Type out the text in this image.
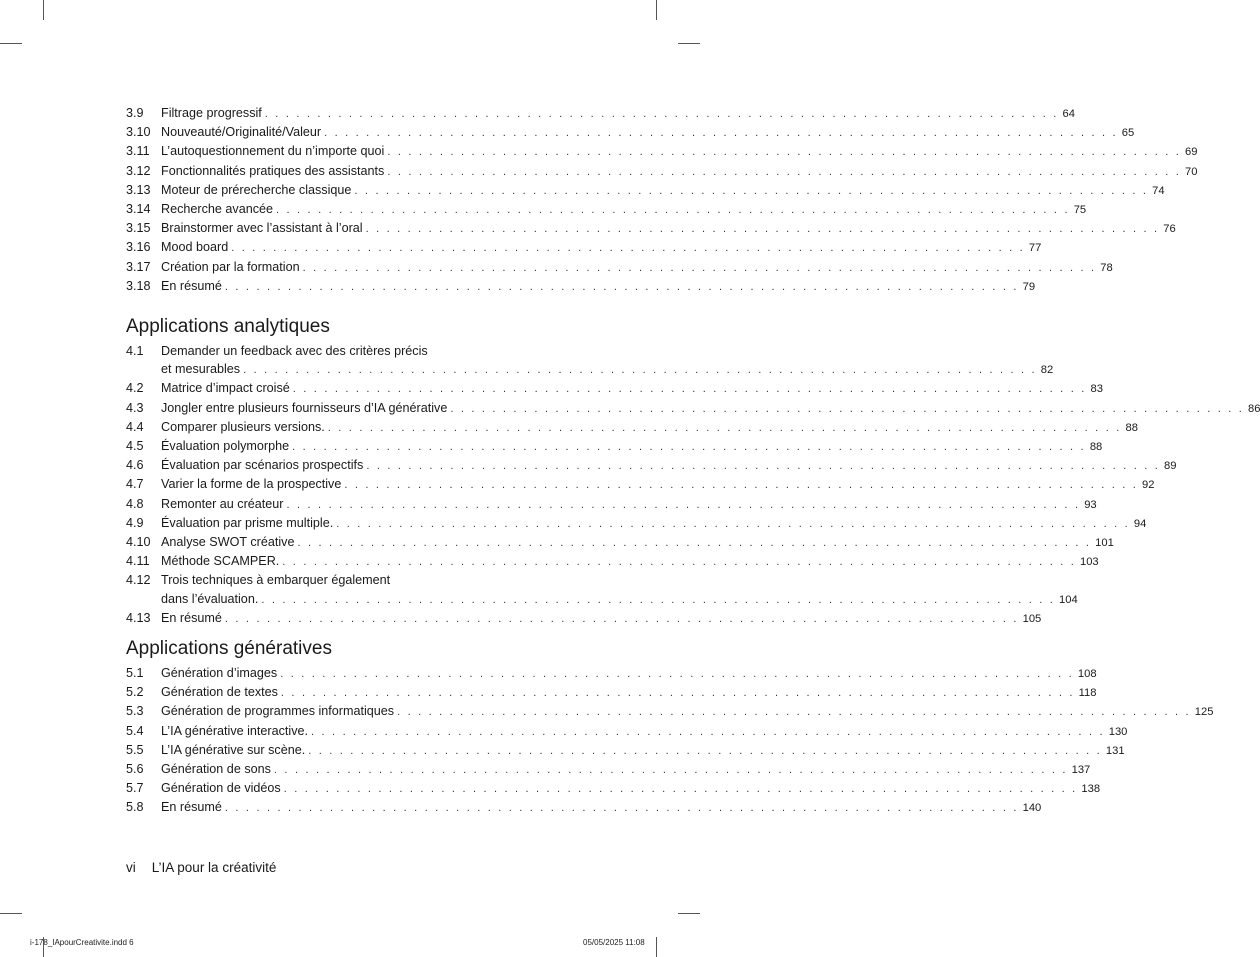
3.9	Filtrage progressif . . . . . . . . . . . . . . . . . . . . . . . . . . . . . . . . . . . . . . . . . . . . . . . . . . . . . . . . . . . . . . . . . . . . . . . . . . . . 64
3.10 Nouveauté/Originalité/Valeur . . . . . . . . . . . . . . . . . . . . . . . . . . . . . . . . . . . . . . . . . . . . . . . . . . . . . . . . . . . . . . . . . . . . . . . . . . . . 65
3.11 L’autoquestionnement du n’importe quoi . . . . . . . . . . . . . . . . . . . . . . . . . . . . . . . . . . . . . . . . . . . . . . . . . . . . . . . . . . . . . . . . . . . . . . . . . . . . 69
3.12 Fonctionnalités pratiques des assistants . . . . . . . . . . . . . . . . . . . . . . . . . . . . . . . . . . . . . . . . . . . . . . . . . . . . . . . . . . . . . . . . . . . . . . . . . . . . 70
3.13 Moteur de prérecherche classique . . . . . . . . . . . . . . . . . . . . . . . . . . . . . . . . . . . . . . . . . . . . . . . . . . . . . . . . . . . . . . . . . . . . . . . . . . . . 74
3.14 Recherche avancée . . . . . . . . . . . . . . . . . . . . . . . . . . . . . . . . . . . . . . . . . . . . . . . . . . . . . . . . . . . . . . . . . . . . . . . . . . . . 75
3.15 Brainstormer avec l’assistant à l’oral . . . . . . . . . . . . . . . . . . . . . . . . . . . . . . . . . . . . . . . . . . . . . . . . . . . . . . . . . . . . . . . . . . . . . . . . . . . . 76
3.16 Mood board . . . . . . . . . . . . . . . . . . . . . . . . . . . . . . . . . . . . . . . . . . . . . . . . . . . . . . . . . . . . . . . . . . . . . . . . . . . . 77
3.17 Création par la formation . . . . . . . . . . . . . . . . . . . . . . . . . . . . . . . . . . . . . . . . . . . . . . . . . . . . . . . . . . . . . . . . . . . . . . . . . . . . 78
3.18 En résumé . . . . . . . . . . . . . . . . . . . . . . . . . . . . . . . . . . . . . . . . . . . . . . . . . . . . . . . . . . . . . . . . . . . . . . . . . . . . 79
Applications analytiques
4.1	Demander un feedback avec des critères précis
et mesurables . . . . . . . . . . . . . . . . . . . . . . . . . . . . . . . . . . . . . . . . . . . . . . . . . . . . . . . . . . . . . . . . . . . . . . . . . . . . 82
4.2	Matrice d’impact croisé . . . . . . . . . . . . . . . . . . . . . . . . . . . . . . . . . . . . . . . . . . . . . . . . . . . . . . . . . . . . . . . . . . . . . . . . . . . . 83
4.3	Jongler entre plusieurs fournisseurs d’IA générative . . . . . . . . . . . . . . . . . . . . . . . . . . . . . . . . . . . . . . . . . . . . . . . . . . . . . . . . . . . . . . . . . . . . . . . . . . . . 86
4.4	Comparer plusieurs versions. . . . . . . . . . . . . . . . . . . . . . . . . . . . . . . . . . . . . . . . . . . . . . . . . . . . . . . . . . . . . . . . . . . . . . . . . . . . . 88
4.5	Évaluation polymorphe . . . . . . . . . . . . . . . . . . . . . . . . . . . . . . . . . . . . . . . . . . . . . . . . . . . . . . . . . . . . . . . . . . . . . . . . . . . . 88
4.6	Évaluation par scénarios prospectifs . . . . . . . . . . . . . . . . . . . . . . . . . . . . . . . . . . . . . . . . . . . . . . . . . . . . . . . . . . . . . . . . . . . . . . . . . . . . 89
4.7	Varier la forme de la prospective . . . . . . . . . . . . . . . . . . . . . . . . . . . . . . . . . . . . . . . . . . . . . . . . . . . . . . . . . . . . . . . . . . . . . . . . . . . . 92
4.8	Remonter au créateur . . . . . . . . . . . . . . . . . . . . . . . . . . . . . . . . . . . . . . . . . . . . . . . . . . . . . . . . . . . . . . . . . . . . . . . . . . . . 93
4.9	Évaluation par prisme multiple. . . . . . . . . . . . . . . . . . . . . . . . . . . . . . . . . . . . . . . . . . . . . . . . . . . . . . . . . . . . . . . . . . . . . . . . . . . . . 94
4.10 Analyse SWOT créative . . . . . . . . . . . . . . . . . . . . . . . . . . . . . . . . . . . . . . . . . . . . . . . . . . . . . . . . . . . . . . . . . . . . . . . . . . . . 101
4.11 Méthode SCAMPER. . . . . . . . . . . . . . . . . . . . . . . . . . . . . . . . . . . . . . . . . . . . . . . . . . . . . . . . . . . . . . . . . . . . . . . . . . . . . 103
4.12 Trois techniques à embarquer également
dans l’évaluation. . . . . . . . . . . . . . . . . . . . . . . . . . . . . . . . . . . . . . . . . . . . . . . . . . . . . . . . . . . . . . . . . . . . . . . . . . . . . 104
4.13 En résumé . . . . . . . . . . . . . . . . . . . . . . . . . . . . . . . . . . . . . . . . . . . . . . . . . . . . . . . . . . . . . . . . . . . . . . . . . . . . 105
Applications génératives
5.1	Génération d’images . . . . . . . . . . . . . . . . . . . . . . . . . . . . . . . . . . . . . . . . . . . . . . . . . . . . . . . . . . . . . . . . . . . . . . . . . . . . 108
5.2	Génération de textes . . . . . . . . . . . . . . . . . . . . . . . . . . . . . . . . . . . . . . . . . . . . . . . . . . . . . . . . . . . . . . . . . . . . . . . . . . . . 118
5.3	Génération de programmes informatiques . . . . . . . . . . . . . . . . . . . . . . . . . . . . . . . . . . . . . . . . . . . . . . . . . . . . . . . . . . . . . . . . . . . . . . . . . . . . 125
5.4	L’IA générative interactive. . . . . . . . . . . . . . . . . . . . . . . . . . . . . . . . . . . . . . . . . . . . . . . . . . . . . . . . . . . . . . . . . . . . . . . . . . . . . 130
5.5	L’IA générative sur scène. . . . . . . . . . . . . . . . . . . . . . . . . . . . . . . . . . . . . . . . . . . . . . . . . . . . . . . . . . . . . . . . . . . . . . . . . . . . . 131
5.6	Génération de sons . . . . . . . . . . . . . . . . . . . . . . . . . . . . . . . . . . . . . . . . . . . . . . . . . . . . . . . . . . . . . . . . . . . . . . . . . . . . 137
5.7	Génération de vidéos . . . . . . . . . . . . . . . . . . . . . . . . . . . . . . . . . . . . . . . . . . . . . . . . . . . . . . . . . . . . . . . . . . . . . . . . . . . . 138
5.8	En résumé . . . . . . . . . . . . . . . . . . . . . . . . . . . . . . . . . . . . . . . . . . . . . . . . . . . . . . . . . . . . . . . . . . . . . . . . . . . . 140
vi L’IA pour la créativité
i-178_IApourCreativite.indd 6	05/05/2025 11:08
